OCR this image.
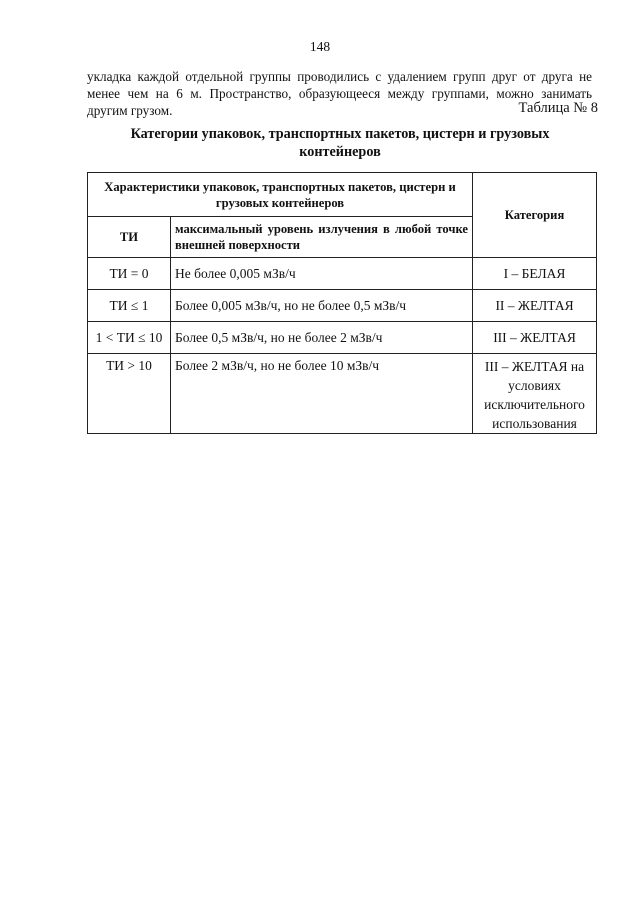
148
укладка каждой отдельной группы проводились с удалением групп друг от друга не менее чем на 6 м. Пространство, образующееся между группами, можно занимать другим грузом.	Таблица № 8
Категории упаковок, транспортных пакетов, цистерн и грузовых контейнеров
Характеристики упаковок, транспортных пакетов, цистерн и грузовых контейнеров		Категория
ТИ	максимальный уровень излучения в любой точке внешней поверхности	
ТИ = 0	Не более 0,005 мЗв/ч	I – БЕЛАЯ
ТИ ≤ 1	Более 0,005 мЗв/ч, но не более 0,5 мЗв/ч	II – ЖЕЛТАЯ
1 < ТИ ≤ 10	Более 0,5 мЗв/ч, но не более 2 мЗв/ч	III – ЖЕЛТАЯ
ТИ > 10	Более 2 мЗв/ч, но не более 10 мЗв/ч	III – ЖЕЛТАЯ на условиях исключительного использования
